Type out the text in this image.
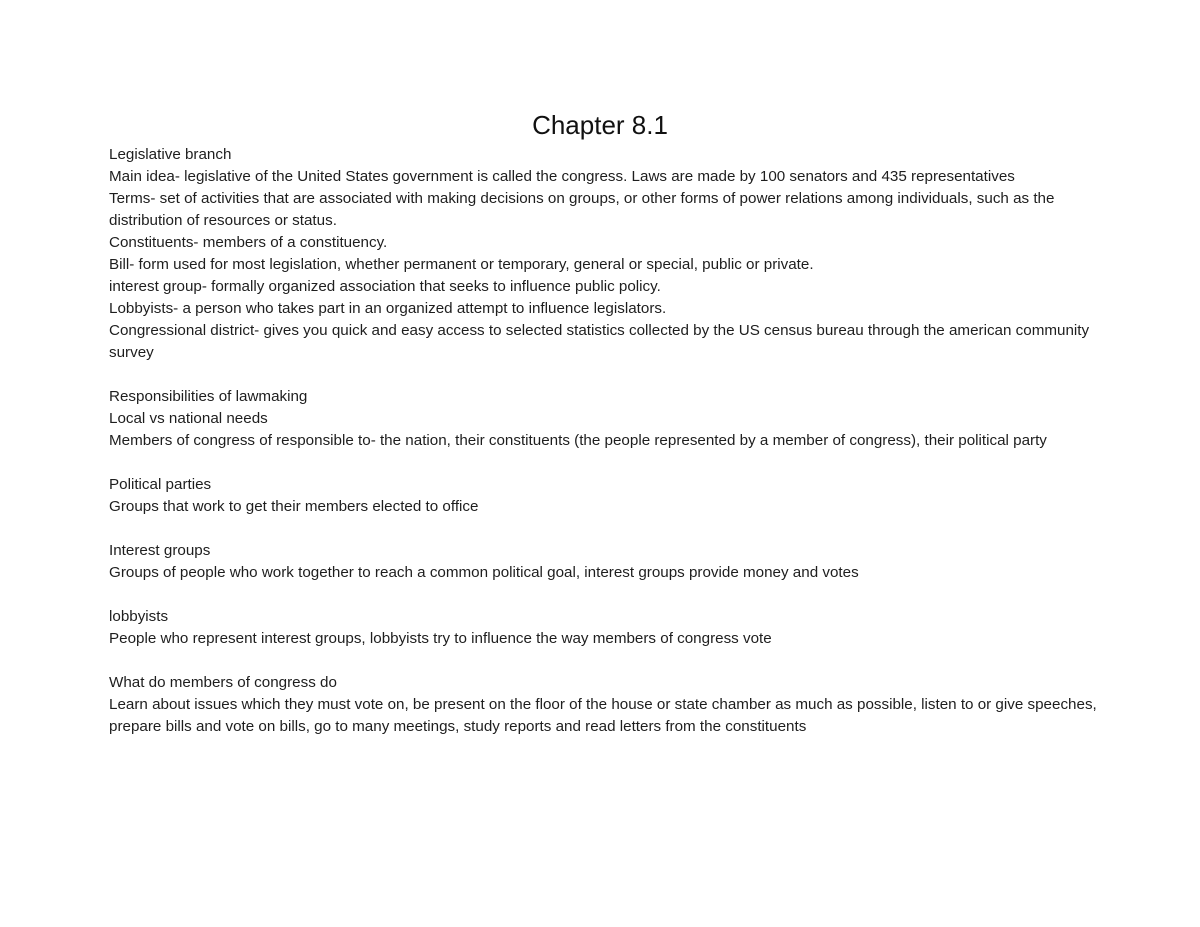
Chapter 8.1

Legislative branch

Main idea- legislative of the United States government is called the congress. Laws are made by 100 senators and 435 representatives

Terms- set of activities that are associated with making decisions on groups, or other forms of power relations among individuals, such as the distribution of resources or status.

Constituents- members of a constituency.

Bill- form used for most legislation, whether permanent or temporary, general or special, public or private.

interest group- formally organized association that seeks to influence public policy.

Lobbyists- a person who takes part in an organized attempt to influence legislators.

Congressional district- gives you quick and easy access to selected statistics collected by the US census bureau through the american community survey

Responsibilities of lawmaking

Local vs national needs

Members of congress of responsible to- the nation, their constituents (the people represented by a member of congress), their political party

Political parties

Groups that work to get their members elected to office

Interest groups

Groups of people who work together to reach a common political goal, interest groups provide money and votes

lobbyists

People who represent interest groups, lobbyists try to influence the way members of congress vote

What do members of congress do

Learn about issues which they must vote on, be present on the floor of the house or state chamber as much as possible, listen to or give speeches, prepare bills and vote on bills, go to many meetings, study reports and read letters from the constituents
